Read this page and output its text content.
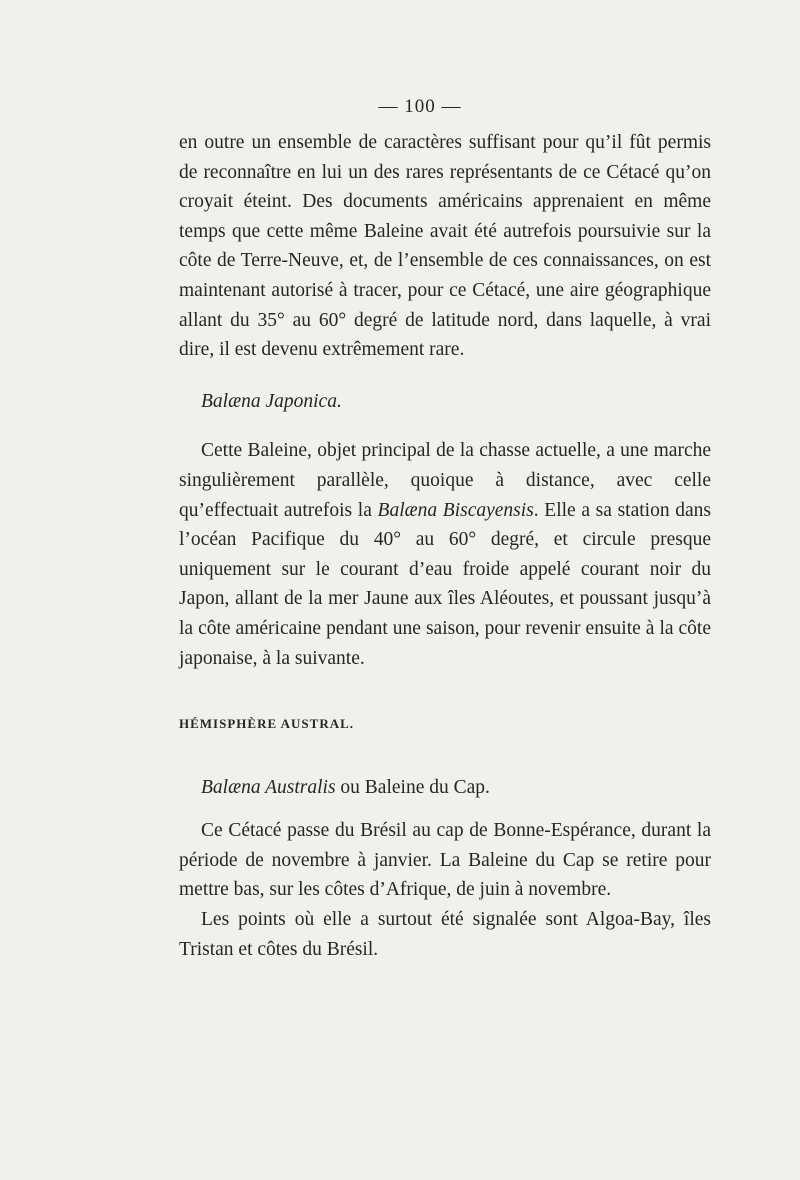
— 100 —

en outre un ensemble de caractères suffisant pour qu’il fût permis de reconnaître en lui un des rares représentants de ce Cétacé qu’on croyait éteint. Des documents américains apprenaient en même temps que cette même Baleine avait été autrefois poursuivie sur la côte de Terre-Neuve, et, de l’ensemble de ces connaissances, on est maintenant autorisé à tracer, pour ce Cétacé, une aire géographique allant du 35° au 60° degré de latitude nord, dans laquelle, à vrai dire, il est devenu extrêmement rare.

Balæna Japonica.

Cette Baleine, objet principal de la chasse actuelle, a une marche singulièrement parallèle, quoique à distance, avec celle qu’effectuait autrefois la Balæna Biscayensis. Elle a sa station dans l’océan Pacifique du 40° au 60° degré, et circule presque uniquement sur le courant d’eau froide appelé courant noir du Japon, allant de la mer Jaune aux îles Aléoutes, et poussant jusqu’à la côte américaine pendant une saison, pour revenir ensuite à la côte japonaise, à la suivante.

HÉMISPHÈRE AUSTRAL.

Balæna Australis ou Baleine du Cap.

Ce Cétacé passe du Brésil au cap de Bonne-Espérance, durant la période de novembre à janvier. La Baleine du Cap se retire pour mettre bas, sur les côtes d’Afrique, de juin à novembre.

Les points où elle a surtout été signalée sont Algoa-Bay, îles Tristan et côtes du Brésil.
